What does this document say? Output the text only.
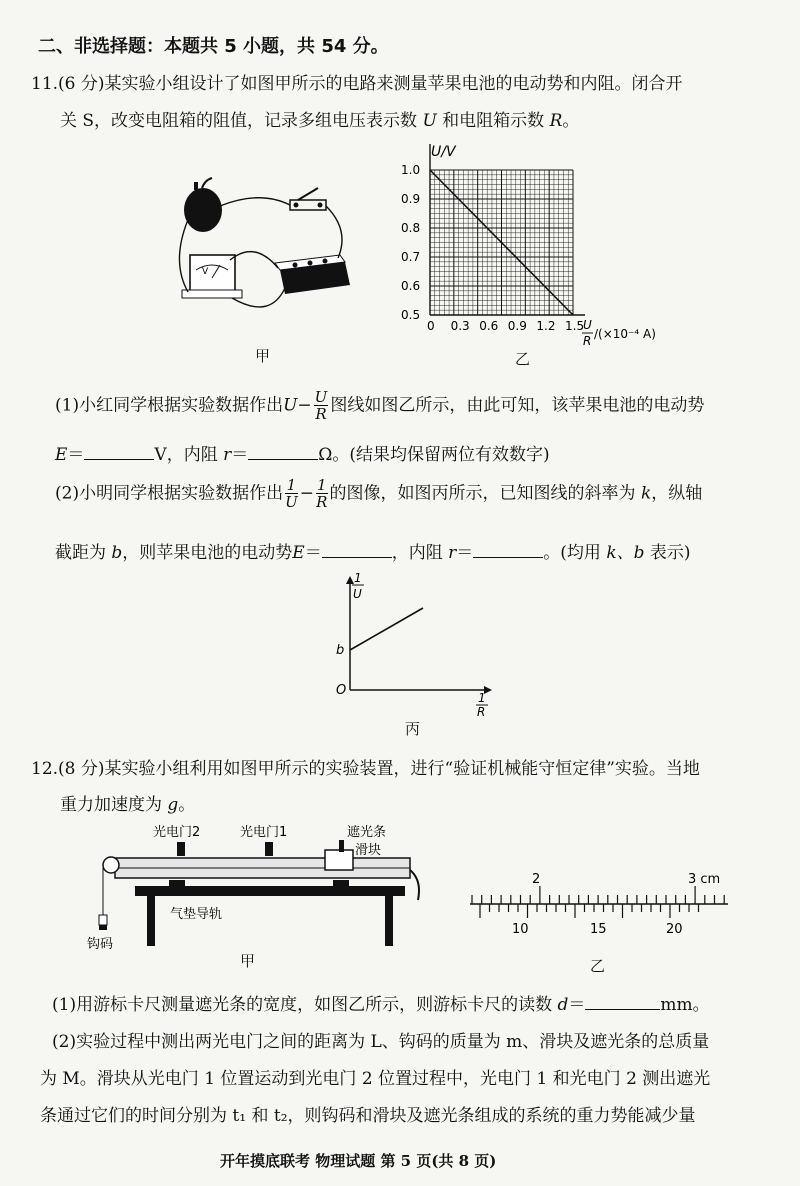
二、非选择题：本题共 5 小题，共 54 分。
11.(6 分)某实验小组设计了如图甲所示的电路来测量苹果电池的电动势和内阻。闭合开
关 S，改变电阻箱的阻值，记录多组电压表示数 U 和电阻箱示数 R。
V
甲
0 0.3 0.6 0.9 1.2 1.5
0.5
0.6
0.7
0.8
0.9
1.0
U/V
U
R /(×10⁻⁴ A)
乙
(1)小红同学根据实验数据作出$U- \frac{U}{R}$ 图线如图乙所示，由此可知，该苹果电池的电动势
E＝	V，内阻 r＝	Ω。(结果均保留两位有效数字)
(2)小明同学根据实验数据作出 $\frac{1}{U} - \frac{1}{R}$ 的图像，如图丙所示，已知图线的斜率为 k，纵轴
截距为 b，则苹果电池的电动势E＝	，内阻 r＝	。(均用 k、b 表示)
1
U
b
O	1
R
丙
12.(8 分)某实验小组利用如图甲所示的实验装置，进行“验证机械能守恒定律”实验。当地
重力加速度为 g。
光电门2	光电门1	遮光条
滑块
气垫导轨
钩码
甲
2	3 cm
10	15	20
乙
(1)用游标卡尺测量遮光条的宽度，如图乙所示，则游标卡尺的读数 d＝	mm。
(2)实验过程中测出两光电门之间的距离为 L、钩码的质量为 m、滑块及遮光条的总质量
为 M。滑块从光电门 1 位置运动到光电门 2 位置过程中，光电门 1 和光电门 2 测出遮光
条通过它们的时间分别为 t₁ 和 t₂，则钩码和滑块及遮光条组成的系统的重力势能减少量
开年摸底联考 物理试题 第 5 页(共 8 页)
